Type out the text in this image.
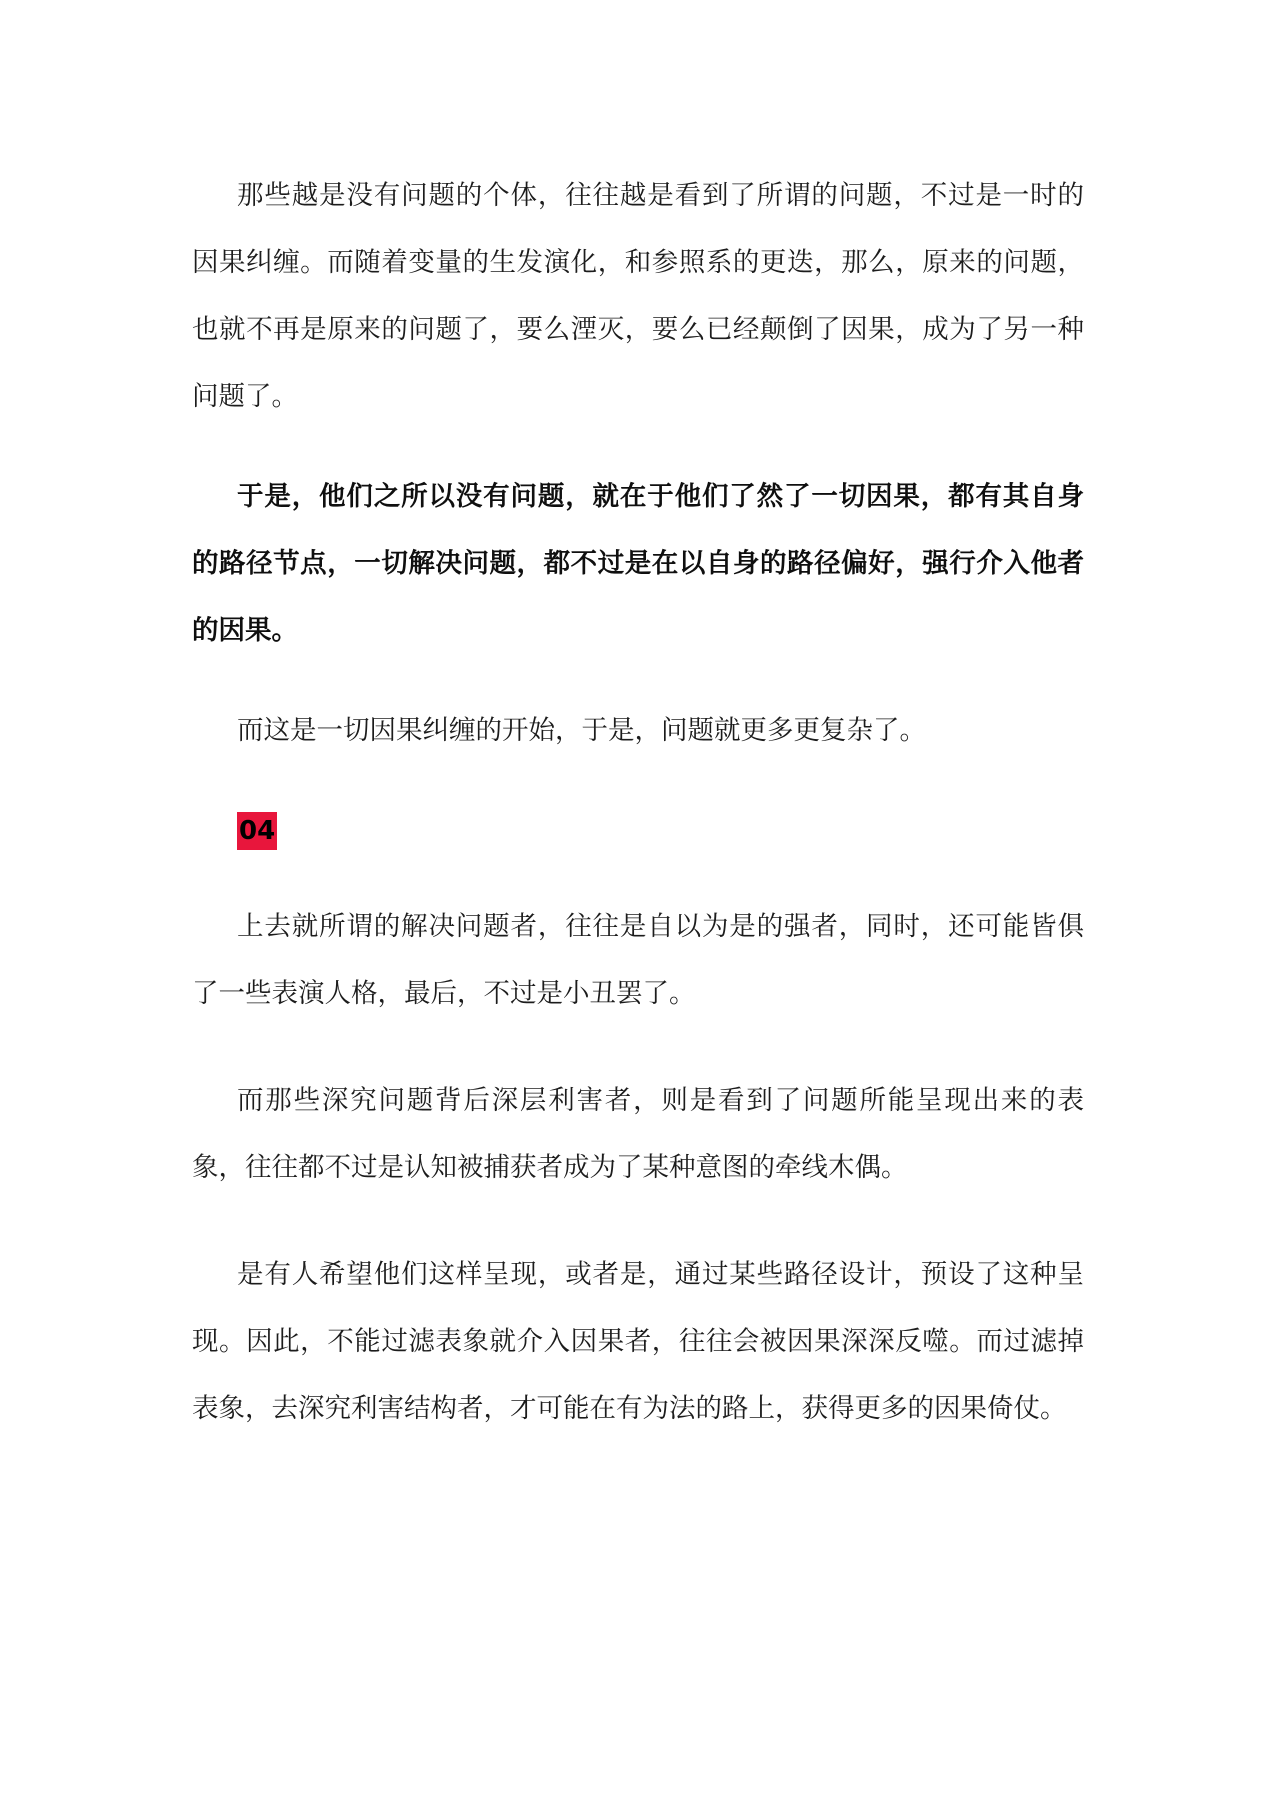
那些越是没有问题的个体，往往越是看到了所谓的问题，不过是一时的因果纠缠。而随着变量的生发演化，和参照系的更迭，那么，原来的问题，也就不再是原来的问题了，要么湮灭，要么已经颠倒了因果，成为了另一种问题了。

于是，他们之所以没有问题，就在于他们了然了一切因果，都有其自身的路径节点，一切解决问题，都不过是在以自身的路径偏好，强行介入他者的因果。

而这是一切因果纠缠的开始，于是，问题就更多更复杂了。

04

上去就所谓的解决问题者，往往是自以为是的强者，同时，还可能皆俱了一些表演人格，最后，不过是小丑罢了。

而那些深究问题背后深层利害者，则是看到了问题所能呈现出来的表象，往往都不过是认知被捕获者成为了某种意图的牵线木偶。

是有人希望他们这样呈现，或者是，通过某些路径设计，预设了这种呈现。因此，不能过滤表象就介入因果者，往往会被因果深深反噬。而过滤掉表象，去深究利害结构者，才可能在有为法的路上，获得更多的因果倚仗。
